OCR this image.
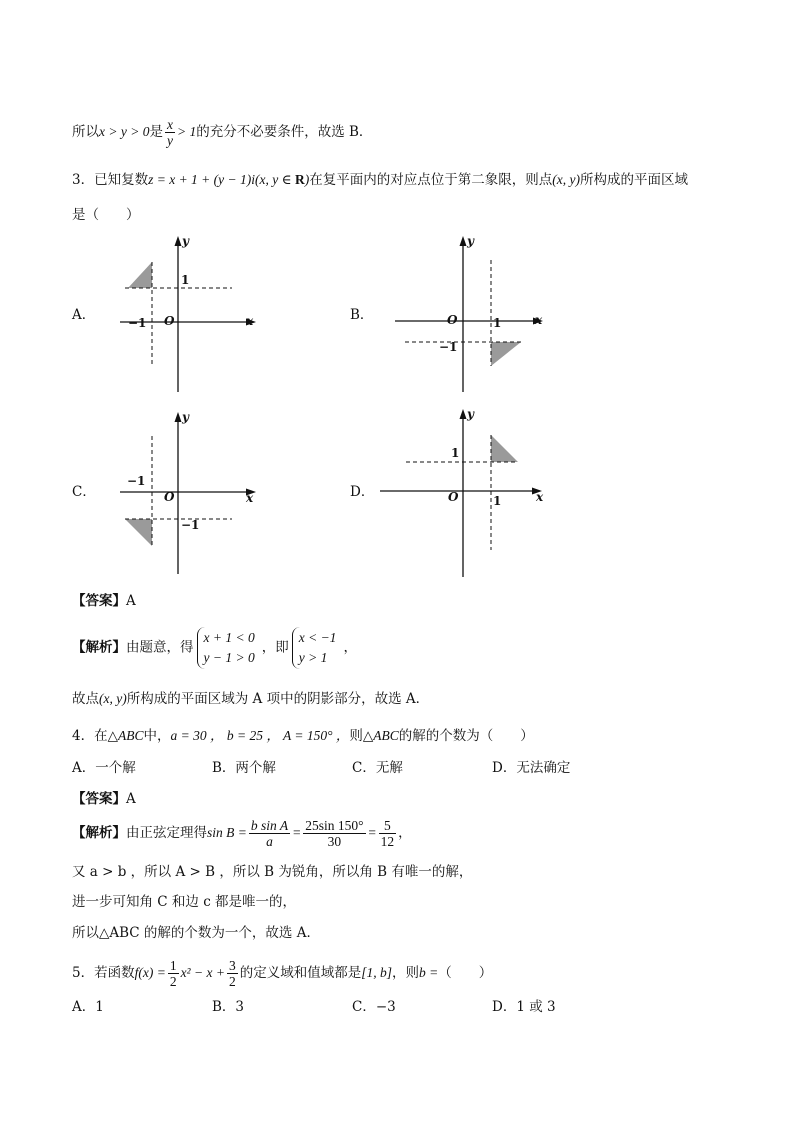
所以x > y > 0是 $\frac{x}{y} > 1$的充分不必要条件，故选 B．
3．已知复数z = x + 1 + (y − 1)i(x, y ∈ R)在复平面内的对应点位于第二象限，则点(x, y)所构成的平面区域
是（　　）
A．	B．
C．	D．
y
x
O
1
−1
y
x
O	1
−1
y
x
O
−1
−1
y
x
O
1
1
【答案】A
【解析】由题意，得
x + 1 < 0
y − 1 > 0
，即
x < −1
y > 1
，
故点(x, y)所构成的平面区域为 A 项中的阴影部分，故选 A．
4．在△ABC中，a = 30 ， b = 25 ， A = 150° ，则△ABC的解的个数为（　　）
A．一个解	B．两个解	C．无解	D．无法确定
【答案】A
【解析】由正弦定理得$\sin B = \frac{\text{b sin A}}{a} = \frac{25\sin 150^\circ}{30} = \frac{5}{12}$ ，
又 a > b ，所以 A > B ，所以 B 为锐角，所以角 B 有唯一的解，
进一步可知角 C 和边 c 都是唯一的，
所以△ABC 的解的个数为一个，故选 A．
5．若函数$f(x) = \frac{1}{2} x^2 - x + \frac{3}{2}$ 的定义域和值域都是[1, b]，则b =（　　）
A．1	B．3	C．−3	D．1 或 3
